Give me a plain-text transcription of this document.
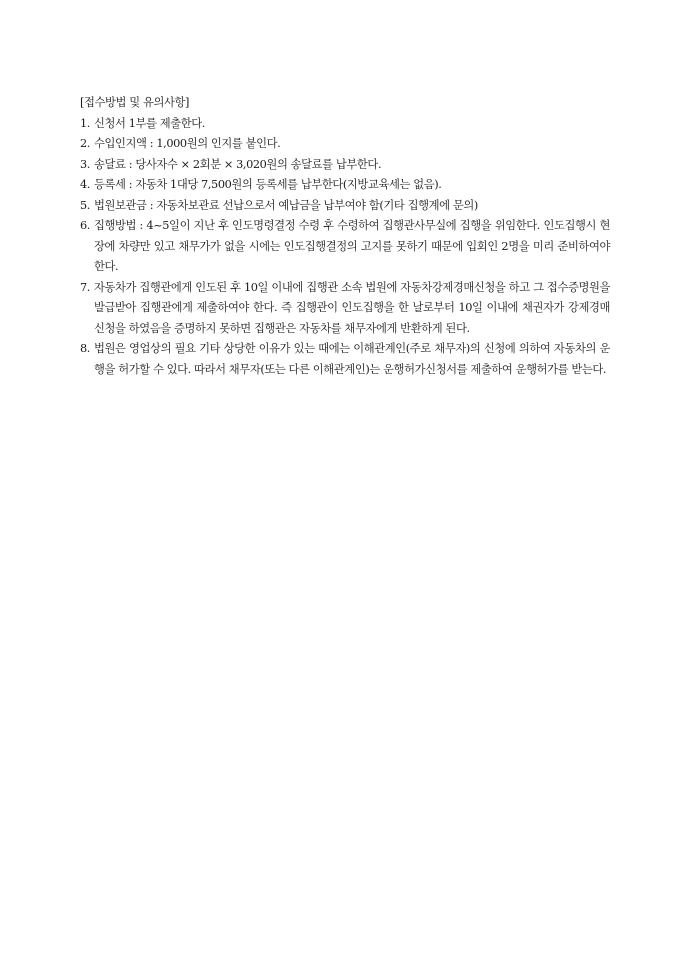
[접수방법 및 유의사항]
1. 신청서 1부를 제출한다.
2. 수입인지액 : 1,000원의 인지를 붙인다.
3. 송달료 : 당사자수 × 2회분 × 3,020원의 송달료를 납부한다.
4. 등록세 : 자동차 1대당 7,500원의 등록세를 납부한다(지방교육세는 없음).
5. 법원보관금 : 자동차보관료 선납으로서 예납금을 납부여야 함(기타 집행계에 문의)
6. 집행방법 : 4~5일이 지난 후 인도명령결정 수령 후 수령하여 집행관사무실에 집행을 위임한다. 인도집행시 현장에 차량만 있고 채무가가 없을 시에는 인도집행결정의 고지를 못하기 때문에 입회인 2명을 미리 준비하여야 한다.
7. 자동차가 집행관에게 인도된 후 10일 이내에 집행관 소속 법원에 자동차강제경매신청을 하고 그 접수증명원을 발급받아 집행관에게 제출하여야 한다. 즉 집행관이 인도집행을 한 날로부터 10일 이내에 채권자가 강제경매신청을 하였음을 증명하지 못하면 집행관은 자동차를 채무자에게 반환하게 된다.
8. 법원은 영업상의 필요 기타 상당한 이유가 있는 때에는 이해관계인(주로 채무자)의 신청에 의하여 자동차의 운행을 허가할 수 있다. 따라서 채무자(또는 다른 이해관계인)는 운행허가신청서를 제출하여 운행허가를 받는다.
